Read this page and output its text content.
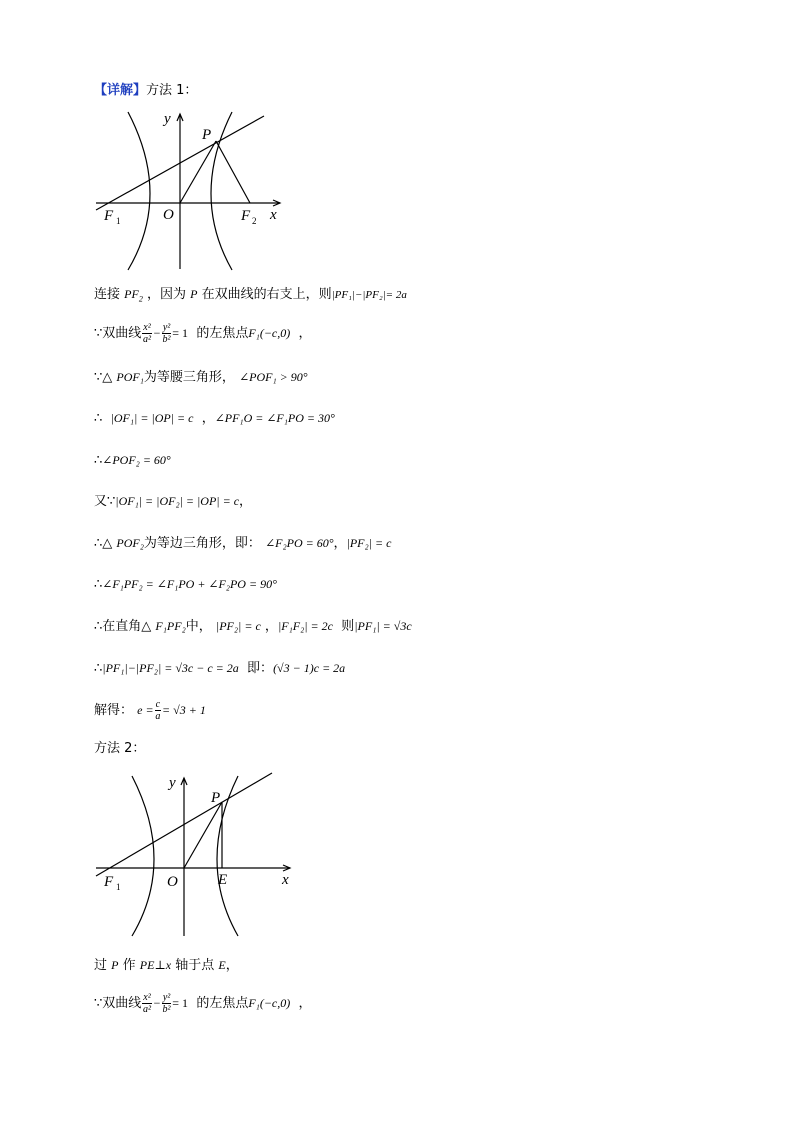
【详解】方法 1：
y
P
F 1	O	F 2 x
连接 $PF_2$ ，因为 P 在双曲线的右支上，则|PF₁|−|PF₂|= 2a
∵双曲线 $\frac{\text{x²}}{\text{a²}} - \frac{\text{y²}}{\text{b²}} = 1$ 的左焦点F₁(−c,0) ，
∵△ POF₁为等腰三角形， ∠POF₁ > 90°
∴ |OF₁| = |OP| = c ，∠PF₁O = ∠F₁PO = 30°
∴∠POF₂ = 60°
又∵|OF₁| = |OF₂| = |OP| = c，
∴△ POF₂为等边三角形，即： ∠F₂PO = 60°，|PF₂| = c
∴∠F₁PF₂ = ∠F₁PO + ∠F₂PO = 90°
∴在直角△ F₁PF₂中， |PF₂| = c ，|F₁F₂| = 2c 则|PF₁| = √3c
∴|PF₁|−|PF₂| = √3c − c = 2a 即：(√3 − 1)c = 2a
解得： $e = \frac{c}{a} = √3 + 1$
方法 2：
y
P
F 1	O	E	x
过 P 作 PE⊥x 轴于点 E，
∵双曲线 $\frac{\text{x²}}{\text{a²}} - \frac{\text{y²}}{\text{b²}} = 1$ 的左焦点F₁(−c,0) ，
